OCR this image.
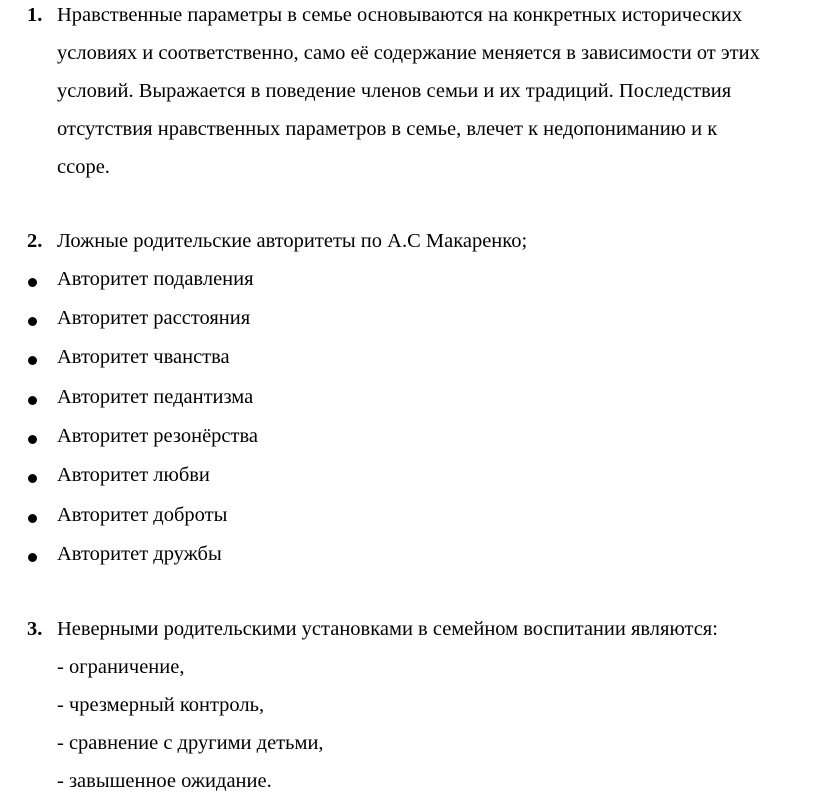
1. Нравственные параметры в семье основываются на конкретных исторических
условиях и соответственно, само её содержание меняется в зависимости от этих
условий. Выражается в поведение членов семьи и их традиций. Последствия
отсутствия нравственных параметров в семье, влечет к недопониманию и к
ссоре.
2. Ложные родительские авторитеты по А.С Макаренко;
Авторитет подавления
Авторитет расстояния
Авторитет чванства
Авторитет педантизма
Авторитет резонёрства
Авторитет любви
Авторитет доброты
Авторитет дружбы
3. Неверными родительскими установками в семейном воспитании являются:
- ограничение,
- чрезмерный контроль,
- сравнение с другими детьми,
- завышенное ожидание.
